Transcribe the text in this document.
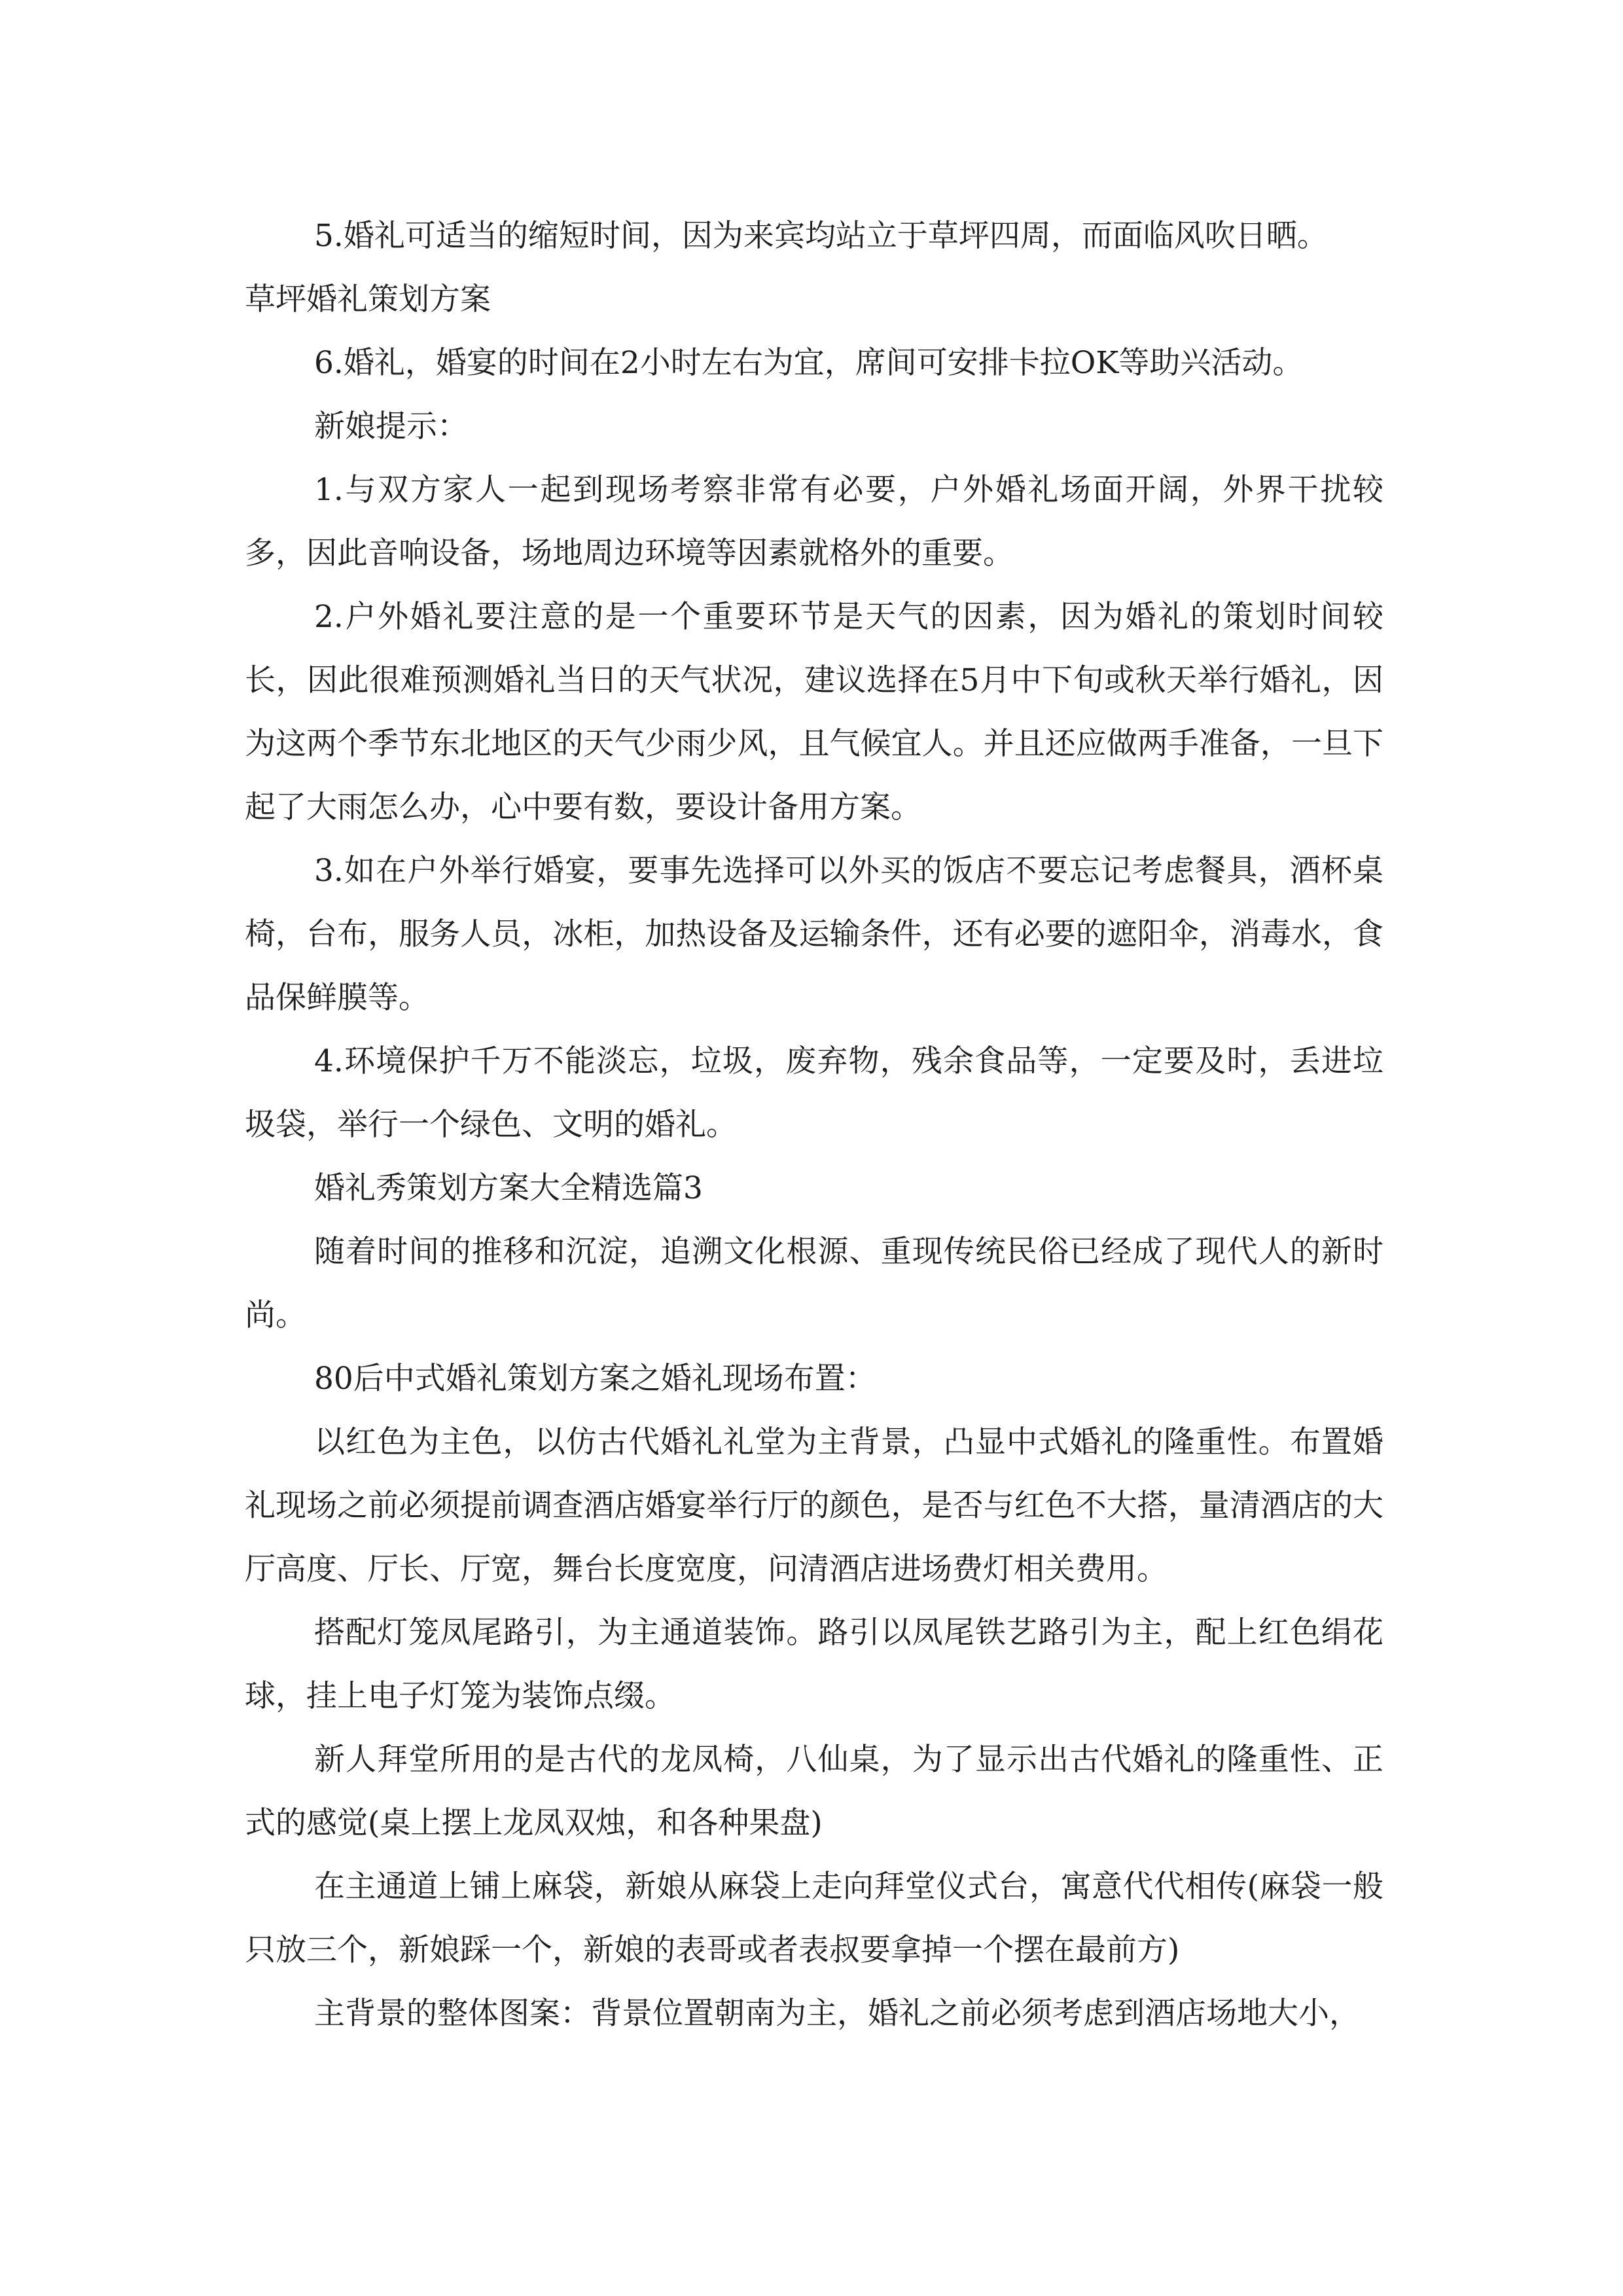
5.婚礼可适当的缩短时间，因为来宾均站立于草坪四周，而面临风吹日晒。

草坪婚礼策划方案

6.婚礼，婚宴的时间在2小时左右为宜，席间可安排卡拉OK等助兴活动。

新娘提示：

1.与双方家人一起到现场考察非常有必要，户外婚礼场面开阔，外界干扰较多，因此音响设备，场地周边环境等因素就格外的重要。

2.户外婚礼要注意的是一个重要环节是天气的因素，因为婚礼的策划时间较长，因此很难预测婚礼当日的天气状况，建议选择在5月中下旬或秋天举行婚礼，因为这两个季节东北地区的天气少雨少风，且气候宜人。并且还应做两手准备，一旦下起了大雨怎么办，心中要有数，要设计备用方案。

3.如在户外举行婚宴，要事先选择可以外买的饭店不要忘记考虑餐具，酒杯桌椅，台布，服务人员，冰柜，加热设备及运输条件，还有必要的遮阳伞，消毒水，食品保鲜膜等。

4.环境保护千万不能淡忘，垃圾，废弃物，残余食品等，一定要及时，丢进垃圾袋，举行一个绿色、文明的婚礼。

婚礼秀策划方案大全精选篇3

随着时间的推移和沉淀，追溯文化根源、重现传统民俗已经成了现代人的新时尚。

80后中式婚礼策划方案之婚礼现场布置：

以红色为主色，以仿古代婚礼礼堂为主背景，凸显中式婚礼的隆重性。布置婚礼现场之前必须提前调查酒店婚宴举行厅的颜色，是否与红色不大搭，量清酒店的大厅高度、厅长、厅宽，舞台长度宽度，问清酒店进场费灯相关费用。

搭配灯笼凤尾路引，为主通道装饰。路引以凤尾铁艺路引为主，配上红色绢花球，挂上电子灯笼为装饰点缀。

新人拜堂所用的是古代的龙凤椅，八仙桌，为了显示出古代婚礼的隆重性、正式的感觉(桌上摆上龙凤双烛，和各种果盘)

在主通道上铺上麻袋，新娘从麻袋上走向拜堂仪式台，寓意代代相传(麻袋一般只放三个，新娘踩一个，新娘的表哥或者表叔要拿掉一个摆在最前方)

主背景的整体图案：背景位置朝南为主，婚礼之前必须考虑到酒店场地大小，
